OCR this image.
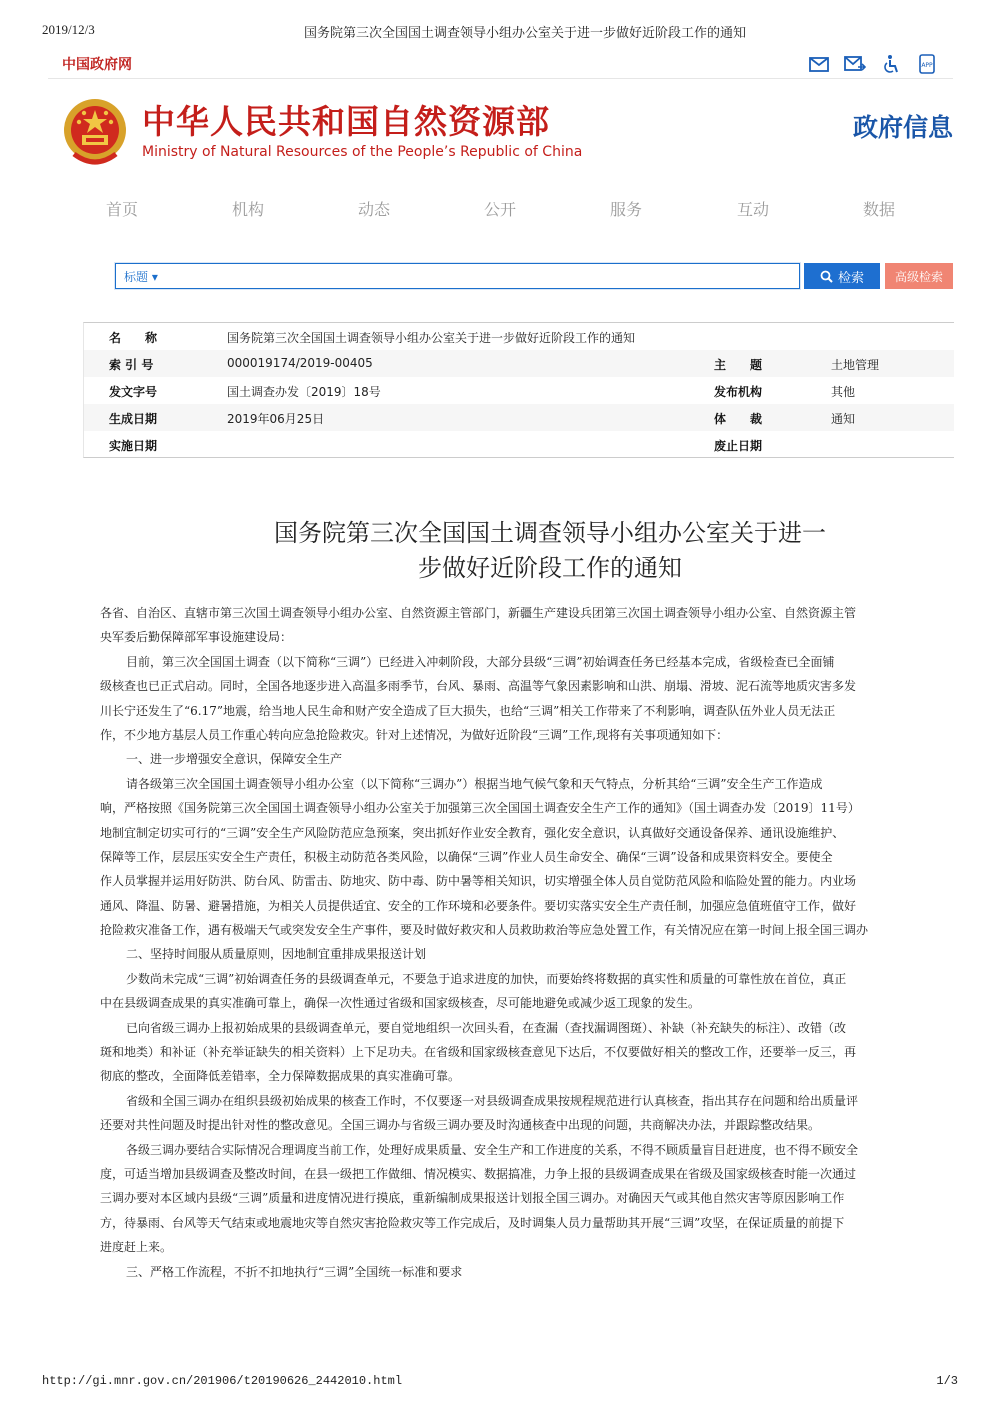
2019/12/3	国务院第三次全国国土调查领导小组办公室关于进一步做好近阶段工作的通知
中国政府网	APP
中华人民共和国自然资源部
Ministry of Natural Resources of the People’s Republic of China
政府信息
首页	机构	动态	公开	服务	互动	数据
标题 ▾	检索	高级检索
名　　称	国务院第三次全国国土调查领导小组办公室关于进一步做好近阶段工作的通知
索 引 号	000019174/2019-00405	主　　题	土地管理
发文字号	国土调查办发〔2019〕18号	发布机构	其他
生成日期	2019年06月25日	体　　裁	通知
实施日期	废止日期
国务院第三次全国国土调查领导小组办公室关于进一
步做好近阶段工作的通知
各省、自治区、直辖市第三次国土调查领导小组办公室、自然资源主管部门，新疆生产建设兵团第三次国土调查领导小组办公室、自然资源主管
央军委后勤保障部军事设施建设局：
目前，第三次全国国土调查（以下简称“三调”）已经进入冲刺阶段，大部分县级“三调”初始调查任务已经基本完成，省级检查已全面铺
级核查也已正式启动。同时，全国各地逐步进入高温多雨季节，台风、暴雨、高温等气象因素影响和山洪、崩塌、滑坡、泥石流等地质灾害多发
川长宁还发生了“6.17”地震，给当地人民生命和财产安全造成了巨大损失，也给“三调”相关工作带来了不利影响，调查队伍外业人员无法正
作，不少地方基层人员工作重心转向应急抢险救灾。针对上述情况，为做好近阶段“三调”工作,现将有关事项通知如下：
一、进一步增强安全意识，保障安全生产
请各级第三次全国国土调查领导小组办公室（以下简称“三调办”）根据当地气候气象和天气特点，分析其给“三调”安全生产工作造成
响，严格按照《国务院第三次全国国土调查领导小组办公室关于加强第三次全国国土调查安全生产工作的通知》（国土调查办发〔2019〕11号）
地制宜制定切实可行的“三调”安全生产风险防范应急预案，突出抓好作业安全教育，强化安全意识，认真做好交通设备保养、通讯设施维护、
保障等工作，层层压实安全生产责任，积极主动防范各类风险，以确保“三调”作业人员生命安全、确保“三调”设备和成果资料安全。要使全
作人员掌握并运用好防洪、防台风、防雷击、防地灾、防中毒、防中暑等相关知识，切实增强全体人员自觉防范风险和临险处置的能力。内业场
通风、降温、防暑、避暑措施，为相关人员提供适宜、安全的工作环境和必要条件。要切实落实安全生产责任制，加强应急值班值守工作，做好
抢险救灾准备工作，遇有极端天气或突发安全生产事件，要及时做好救灾和人员救助救治等应急处置工作，有关情况应在第一时间上报全国三调办
二、坚持时间服从质量原则，因地制宜重排成果报送计划
少数尚未完成“三调”初始调查任务的县级调查单元，不要急于追求进度的加快，而要始终将数据的真实性和质量的可靠性放在首位，真正
中在县级调查成果的真实准确可靠上，确保一次性通过省级和国家级核查，尽可能地避免或减少返工现象的发生。
已向省级三调办上报初始成果的县级调查单元，要自觉地组织一次回头看，在查漏（查找漏调图斑）、补缺（补充缺失的标注）、改错（改
斑和地类）和补证（补充举证缺失的相关资料）上下足功夫。在省级和国家级核查意见下达后，不仅要做好相关的整改工作，还要举一反三，再
彻底的整改，全面降低差错率，全力保障数据成果的真实准确可靠。
省级和全国三调办在组织县级初始成果的核查工作时，不仅要逐一对县级调查成果按规程规范进行认真核查，指出其存在问题和给出质量评
还要对共性问题及时提出针对性的整改意见。全国三调办与省级三调办要及时沟通核查中出现的问题，共商解决办法，并跟踪整改结果。
各级三调办要结合实际情况合理调度当前工作，处理好成果质量、安全生产和工作进度的关系，不得不顾质量盲目赶进度，也不得不顾安全
度，可适当增加县级调查及整改时间，在县一级把工作做细、情况模实、数据搞准，力争上报的县级调查成果在省级及国家级核查时能一次通过
三调办要对本区域内县级“三调”质量和进度情况进行摸底，重新编制成果报送计划报全国三调办。对确因天气或其他自然灾害等原因影响工作
方，待暴雨、台风等天气结束或地震地灾等自然灾害抢险救灾等工作完成后，及时调集人员力量帮助其开展“三调”攻坚，在保证质量的前提下
进度赶上来。
三、严格工作流程，不折不扣地执行“三调”全国统一标准和要求
http://gi.mnr.gov.cn/201906/t20190626_2442010.html	1/3
